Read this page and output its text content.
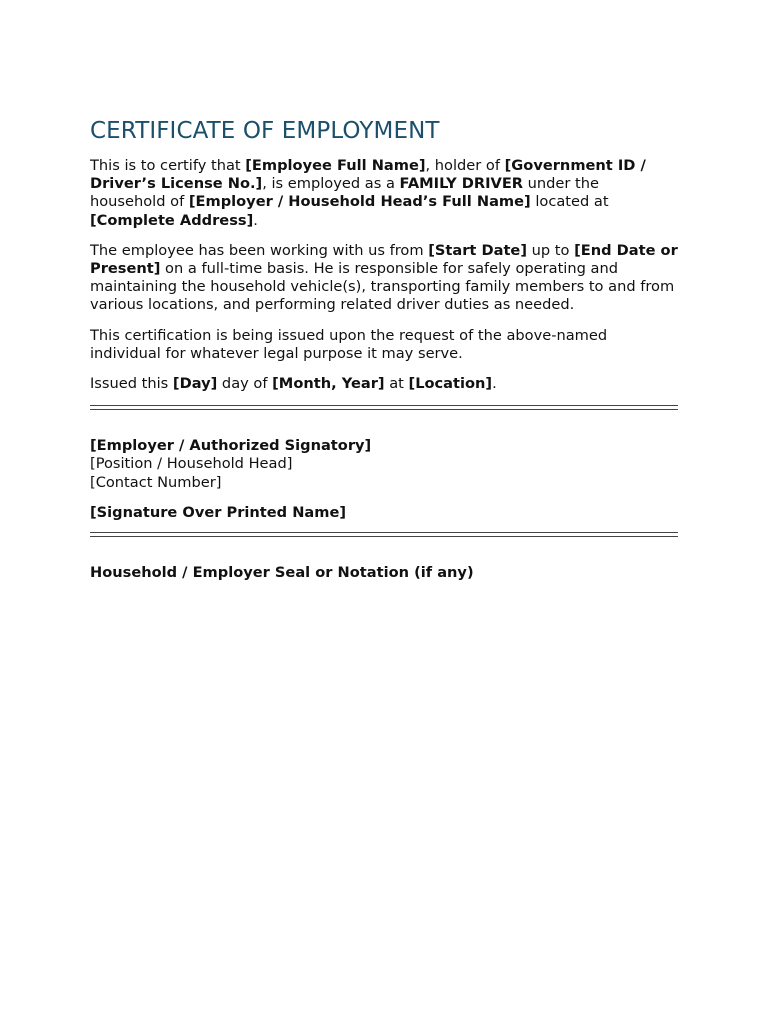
CERTIFICATE OF EMPLOYMENT

This is to certify that [Employee Full Name], holder of [Government ID / Driver’s License No.], is employed as a FAMILY DRIVER under the household of [Employer / Household Head’s Full Name] located at [Complete Address].

The employee has been working with us from [Start Date] up to [End Date or Present] on a full-time basis. He is responsible for safely operating and maintaining the household vehicle(s), transporting family members to and from various locations, and performing related driver duties as needed.

This certification is being issued upon the request of the above-named individual for whatever legal purpose it may serve.

Issued this [Day] day of [Month, Year] at [Location].

[Employer / Authorized Signatory]
[Position / Household Head]
[Contact Number]
[Signature Over Printed Name]
Household / Employer Seal or Notation (if any)
